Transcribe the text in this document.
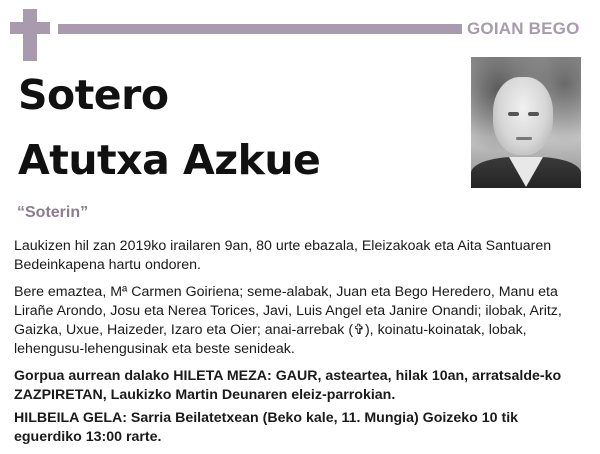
GOIAN BEGO
Sotero
Atutxa Azkue
“Soterin”
Laukizen hil zan 2019ko irailaren 9an, 80 urte ebazala, Eleizakoak eta Aita Santuaren Bedeinkapena hartu ondoren.
Bere emaztea, Mª Carmen Goiriena; seme-alabak, Juan eta Bego Heredero, Manu eta Lirañe Arondo, Josu eta Nerea Torices, Javi, Luis Angel eta Janire Onandi; ilobak, Aritz, Gaizka, Uxue, Haizeder, Izaro eta Oier; anai-arrebak (✞), koinatu-koinatak, lobak, lehengusu-lehengusinak eta beste senideak.
Gorpua aurrean dalako HILETA MEZA: GAUR, asteartea, hilak 10an, arratsalde-ko ZAZPIRETAN, Laukizko Martin Deunaren eleiz-parrokian.
HILBEILA GELA: Sarria Beilatetxean (Beko kale, 11. Mungia) Goizeko 10 tik eguerdiko 13:00 rarte.
